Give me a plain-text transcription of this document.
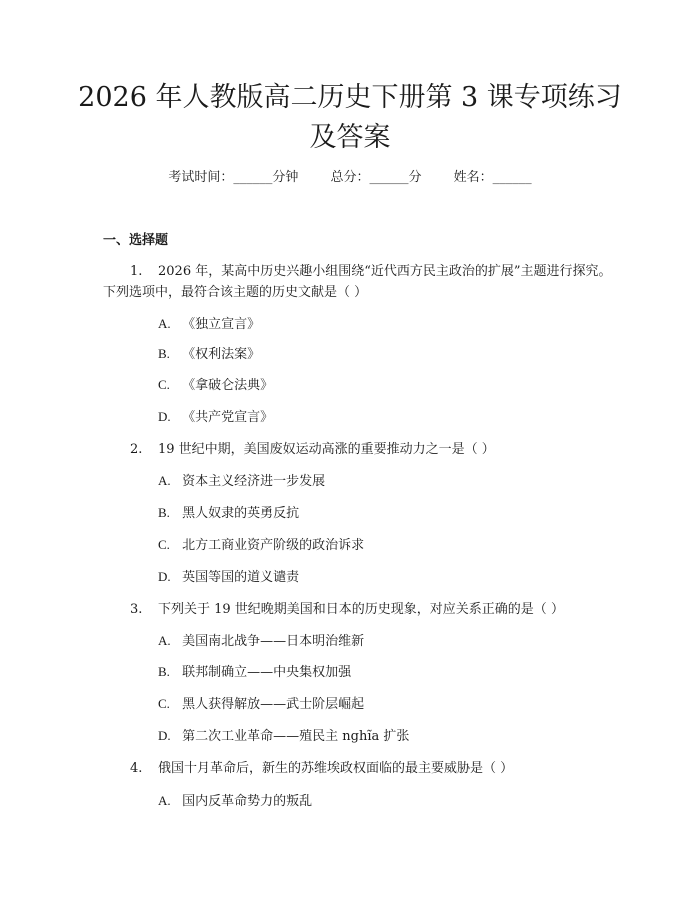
2026 年人教版高二历史下册第 3 课专项练习
及答案
考试时间：______分钟 总分：______分 姓名：______
一、选择题
1. 2026 年，某高中历史兴趣小组围绕“近代西方民主政治的扩展”主题进行探究。下列选项中，最符合该主题的历史文献是（ ）
A. 《独立宣言》
B. 《权利法案》
C. 《拿破仑法典》
D. 《共产党宣言》
2. 19 世纪中期，美国废奴运动高涨的重要推动力之一是（ ）
A. 资本主义经济进一步发展
B. 黑人奴隶的英勇反抗
C. 北方工商业资产阶级的政治诉求
D. 英国等国的道义谴责
3. 下列关于 19 世纪晚期美国和日本的历史现象，对应关系正确的是（ ）
A. 美国南北战争——日本明治维新
B. 联邦制确立——中央集权加强
C. 黑人获得解放——武士阶层崛起
D. 第二次工业革命——殖民主 nghĩa 扩张
4. 俄国十月革命后，新生的苏维埃政权面临的最主要威胁是（ ）
A. 国内反革命势力的叛乱
